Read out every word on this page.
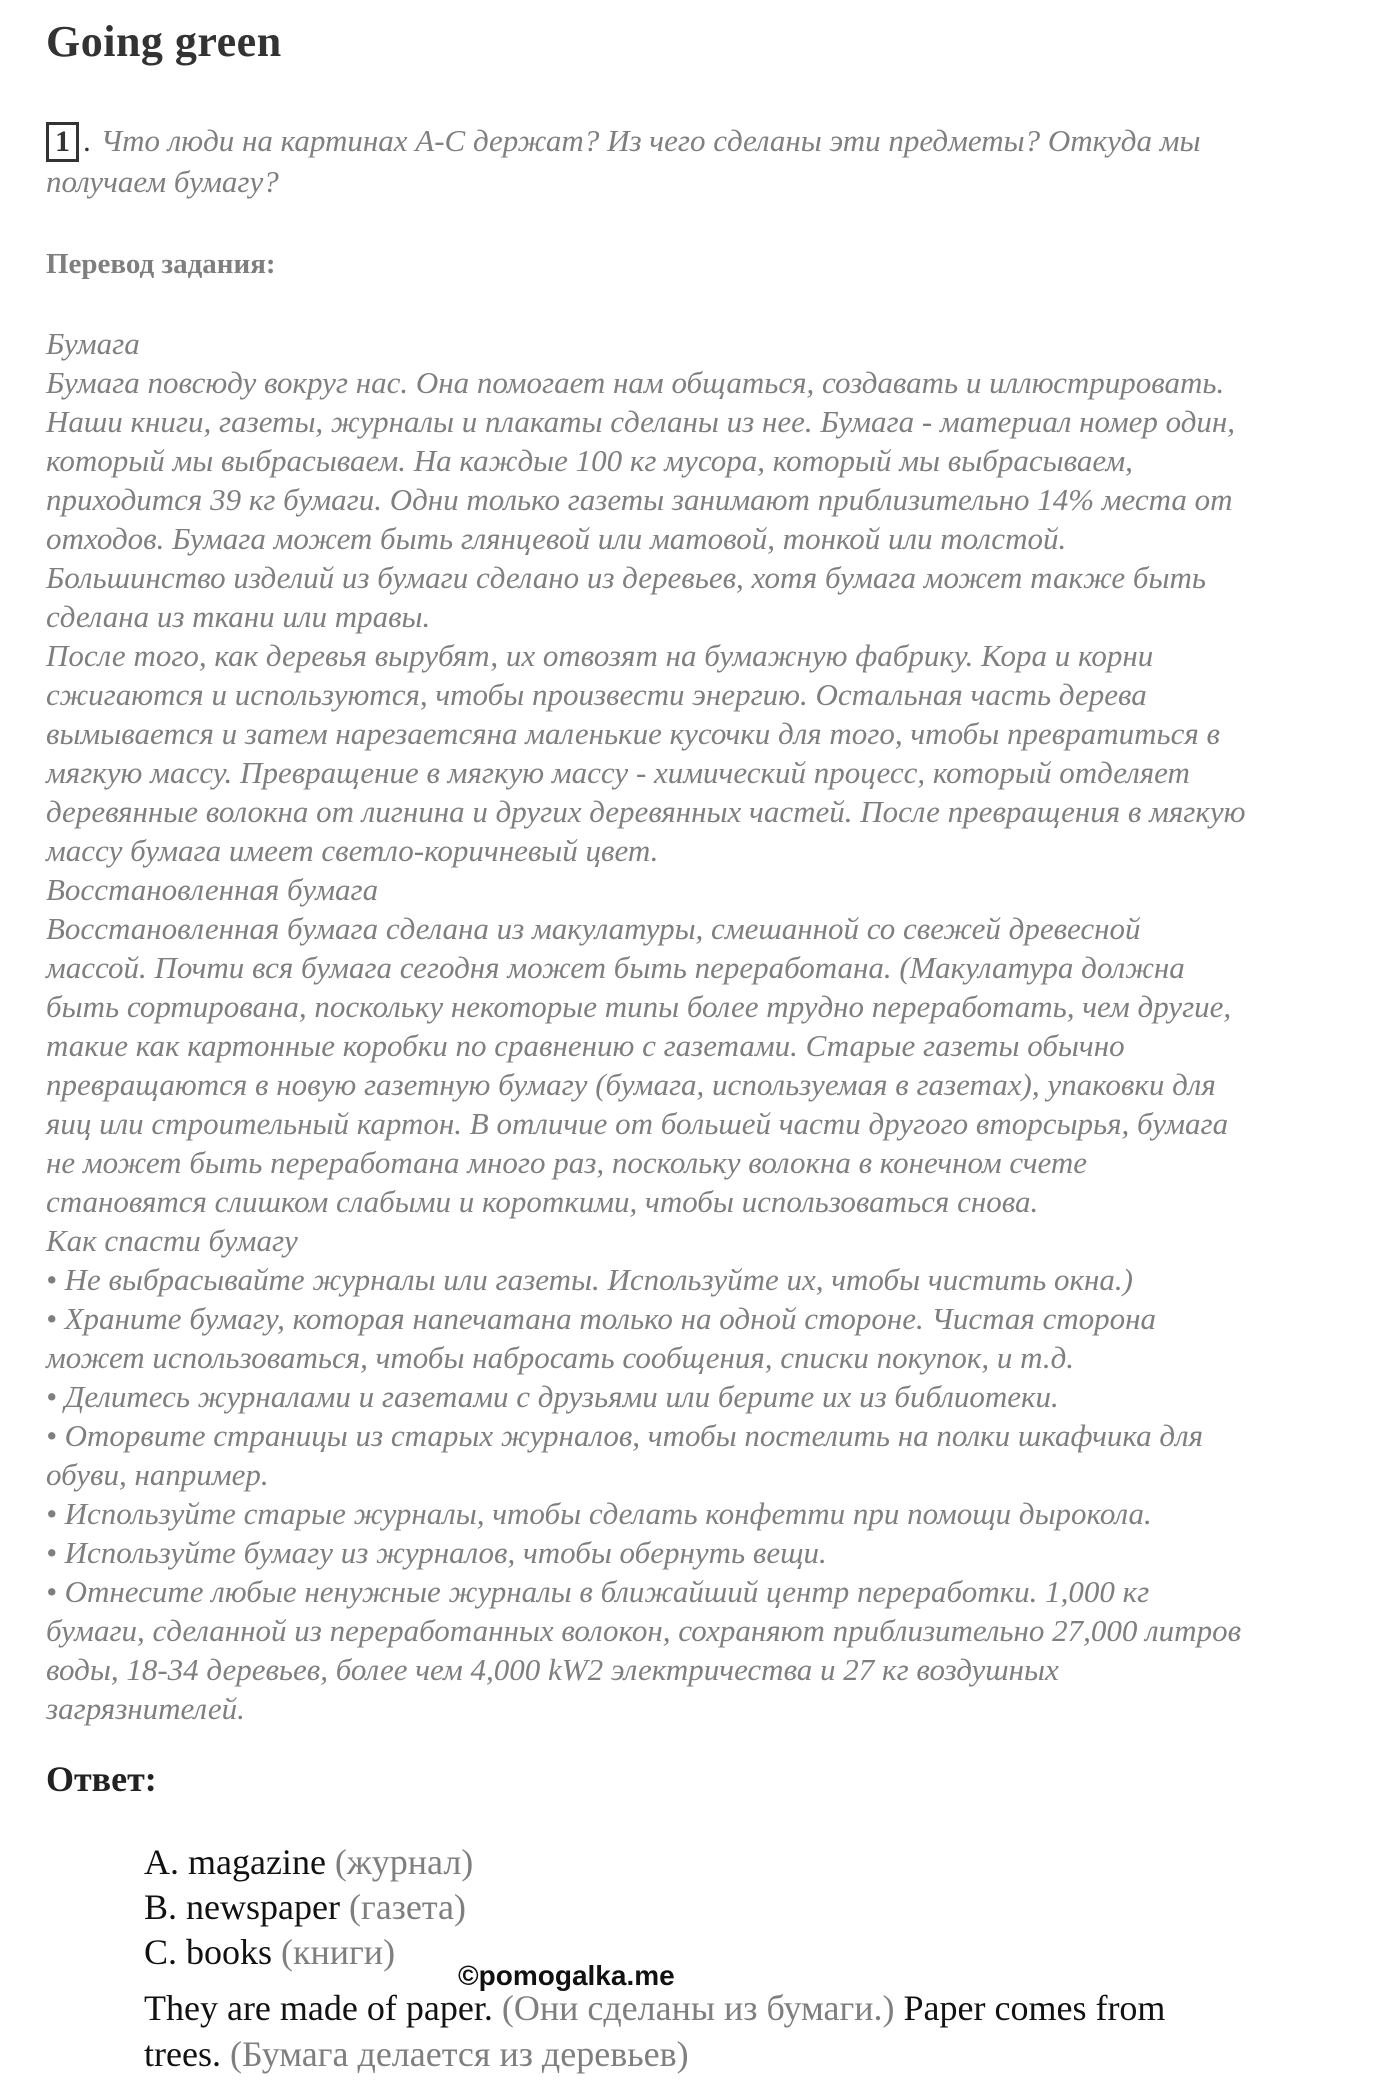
Going green
1 . Что люди на картинах A-C держат? Из чего сделаны эти предметы? Откуда мы
получаем бумагу?
Перевод задания:

Бумага

Бумага повсюду вокруг нас. Она помогает нам общаться, создавать и иллюстрировать.

Наши книги, газеты, журналы и плакаты сделаны из нее. Бумага - материал номер один,

который мы выбрасываем. На каждые 100 кг мусора, который мы выбрасываем,

приходится 39 кг бумаги. Одни только газеты занимают приблизительно 14% места от

отходов. Бумага может быть глянцевой или матовой, тонкой или толстой.

Большинство изделий из бумаги сделано из деревьев, хотя бумага может также быть

сделана из ткани или травы.

После того, как деревья вырубят, их отвозят на бумажную фабрику. Кора и корни

сжигаются и используются, чтобы произвести энергию. Остальная часть дерева

вымывается и затем нарезаетсяна маленькие кусочки для того, чтобы превратиться в

мягкую массу. Превращение в мягкую массу - химический процесс, который отделяет

деревянные волокна от лигнина и других деревянных частей. После превращения в мягкую

массу бумага имеет светло-коричневый цвет.

Восстановленная бумага

Восстановленная бумага сделана из макулатуры, смешанной со свежей древесной

массой. Почти вся бумага сегодня может быть переработана. (Макулатура должна

быть сортирована, поскольку некоторые типы более трудно переработать, чем другие,

такие как картонные коробки по сравнению с газетами. Старые газеты обычно

превращаются в новую газетную бумагу (бумага, используемая в газетах), упаковки для

яиц или строительный картон. В отличие от большей части другого вторсырья, бумага

не может быть переработана много раз, поскольку волокна в конечном счете

становятся слишком слабыми и короткими, чтобы использоваться снова.

Как спасти бумагу

• Не выбрасывайте журналы или газеты. Используйте их, чтобы чистить окна.)

• Храните бумагу, которая напечатана только на одной стороне. Чистая сторона

может использоваться, чтобы набросать сообщения, списки покупок, и т.д.

• Делитесь журналами и газетами с друзьями или берите их из библиотеки.

• Оторвите страницы из старых журналов, чтобы постелить на полки шкафчика для

обуви, например.

• Используйте старые журналы, чтобы сделать конфетти при помощи дырокола.

• Используйте бумагу из журналов, чтобы обернуть вещи.

• Отнесите любые ненужные журналы в ближайший центр переработки. 1,000 кг

бумаги, сделанной из переработанных волокон, сохраняют приблизительно 27,000 литров

воды, 18-34 деревьев, более чем 4,000 kW2 электричества и 27 кг воздушных

загрязнителей.

Ответ:

A. magazine (журнал)

B. newspaper (газета)

C. books (книги)

They are made of paper. (Они сделаны из бумаги.) Paper comes from

trees. (Бумага делается из деревьев)

©pomogalka.me
